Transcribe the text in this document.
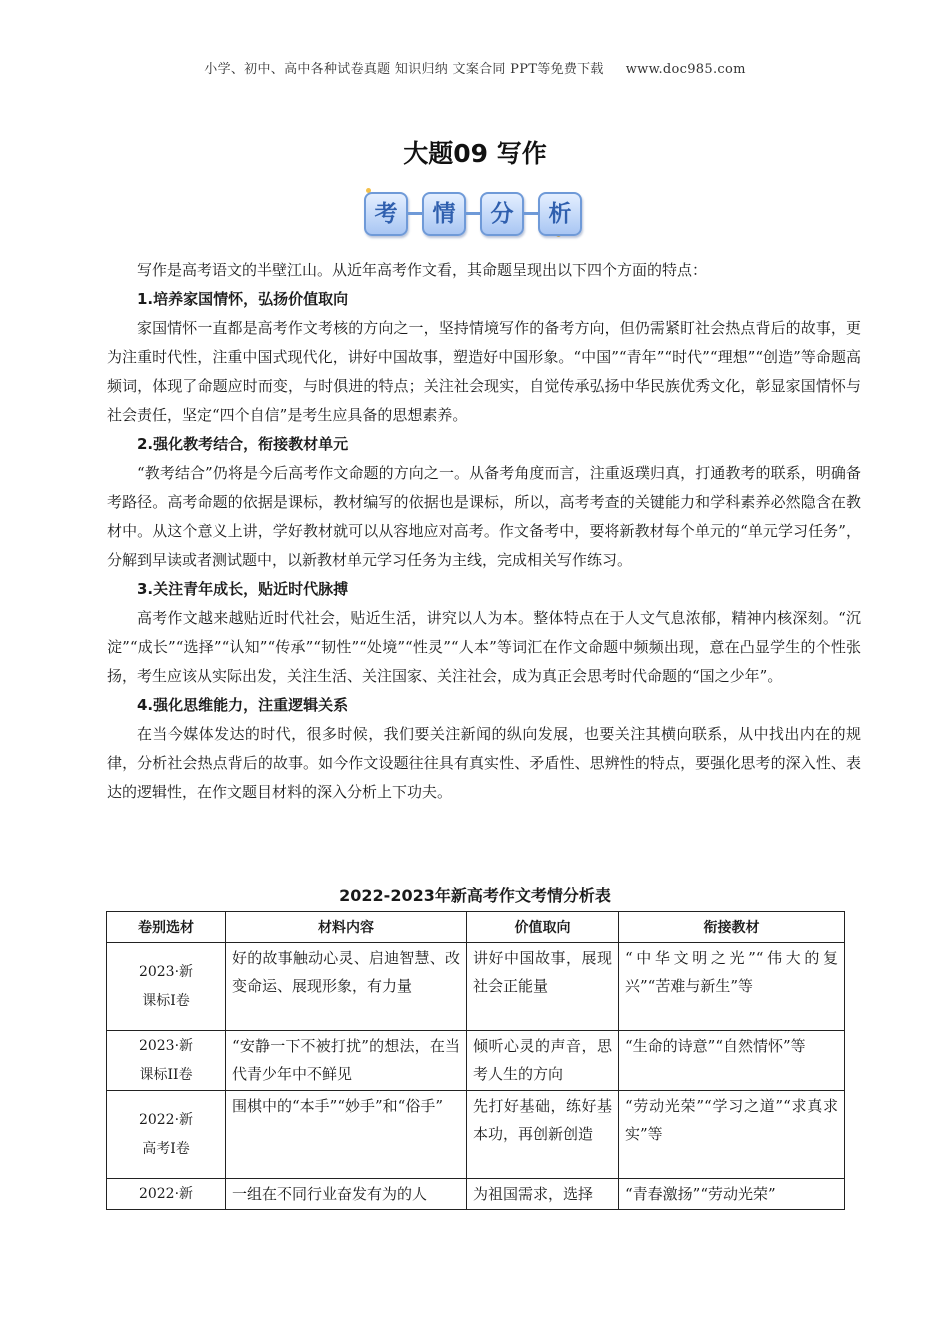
小学、初中、高中各种试卷真题 知识归纳 文案合同 PPT等免费下载 www.doc985.com
大题09 写作
考	情	分	析

写作是高考语文的半壁江山。从近年高考作文看，其命题呈现出以下四个方面的特点：

1.培养家国情怀，弘扬价值取向

家国情怀一直都是高考作文考核的方向之一，坚持情境写作的备考方向，但仍需紧盯社会热点背后的故事，更为注重时代性，注重中国式现代化，讲好中国故事，塑造好中国形象。“中国”“青年”“时代”“理想”“创造”等命题高频词，体现了命题应时而变，与时俱进的特点；关注社会现实，自觉传承弘扬中华民族优秀文化，彰显家国情怀与社会责任，坚定“四个自信”是考生应具备的思想素养。

2.强化教考结合，衔接教材单元

“教考结合”仍将是今后高考作文命题的方向之一。从备考角度而言，注重返璞归真，打通教考的联系，明确备考路径。高考命题的依据是课标，教材编写的依据也是课标，所以，高考考查的关键能力和学科素养必然隐含在教材中。从这个意义上讲，学好教材就可以从容地应对高考。作文备考中，要将新教材每个单元的“单元学习任务”，分解到早读或者测试题中，以新教材单元学习任务为主线，完成相关写作练习。

3.关注青年成长，贴近时代脉搏

高考作文越来越贴近时代社会，贴近生活，讲究以人为本。整体特点在于人文气息浓郁，精神内核深刻。“沉淀”“成长”“选择”“认知”“传承”“韧性”“处境”“性灵”“人本”等词汇在作文命题中频频出现，意在凸显学生的个性张扬，考生应该从实际出发，关注生活、关注国家、关注社会，成为真正会思考时代命题的“国之少年”。

4.强化思维能力，注重逻辑关系

在当今媒体发达的时代，很多时候，我们要关注新闻的纵向发展，也要关注其横向联系，从中找出内在的规律，分析社会热点背后的故事。如今作文设题往往具有真实性、矛盾性、思辨性的特点，要强化思考的深入性、表达的逻辑性，在作文题目材料的深入分析上下功夫。

2022-2023年新高考作文考情分析表
卷别选材	材料内容	价值取向	衔接教材
2023·新
课标I卷	好的故事触动心灵、启迪智慧、改变命运、展现形象，有力量	讲好中国故事，展现社会正能量	“中华文明之光”“伟大的复兴”“苦难与新生”等
2023·新
课标II卷	“安静一下不被打扰”的想法，在当代青少年中不鲜见	倾听心灵的声音，思考人生的方向	“生命的诗意”“自然情怀”等
2022·新
高考I卷	围棋中的“本手”“妙手”和“俗手”	先打好基础，练好基本功，再创新创造	“劳动光荣”“学习之道”“求真求实”等
2022·新	一组在不同行业奋发有为的人	为祖国需求，选择	“青春激扬”“劳动光荣”
